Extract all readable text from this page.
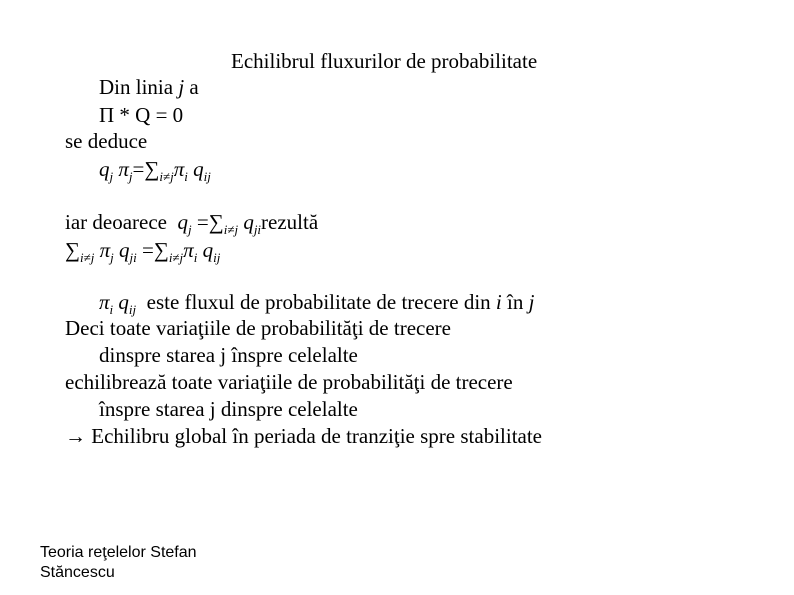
Echilibrul fluxurilor de probabilitate
Din linia j a
Π * Q = 0
se deduce
$q_j$ $\pi_j=\sum_{i\ne j}\pi_i$ $q_{ij}$
iar deoarece $q_j =\sum_{i\ne j}$ $q_{ji}rezultă$
$\sum_{i\ne j}$ $\pi_j$ $q_{ji} =\sum_{i\ne j}\pi_i$ $q_{ij}$
$\pi_i$ $q_{ij}$ este fluxul de probabilitate de trecere din i în j
Deci toate variaţiile de probabilităţi de trecere
dinspre starea j înspre celelalte
echilibrează toate variaţiile de probabilităţi de trecere
înspre starea j dinspre celelalte
→ Echilibru global în periada de tranziţie spre stabilitate
Teoria reţelelor Stefan
Stăncescu
